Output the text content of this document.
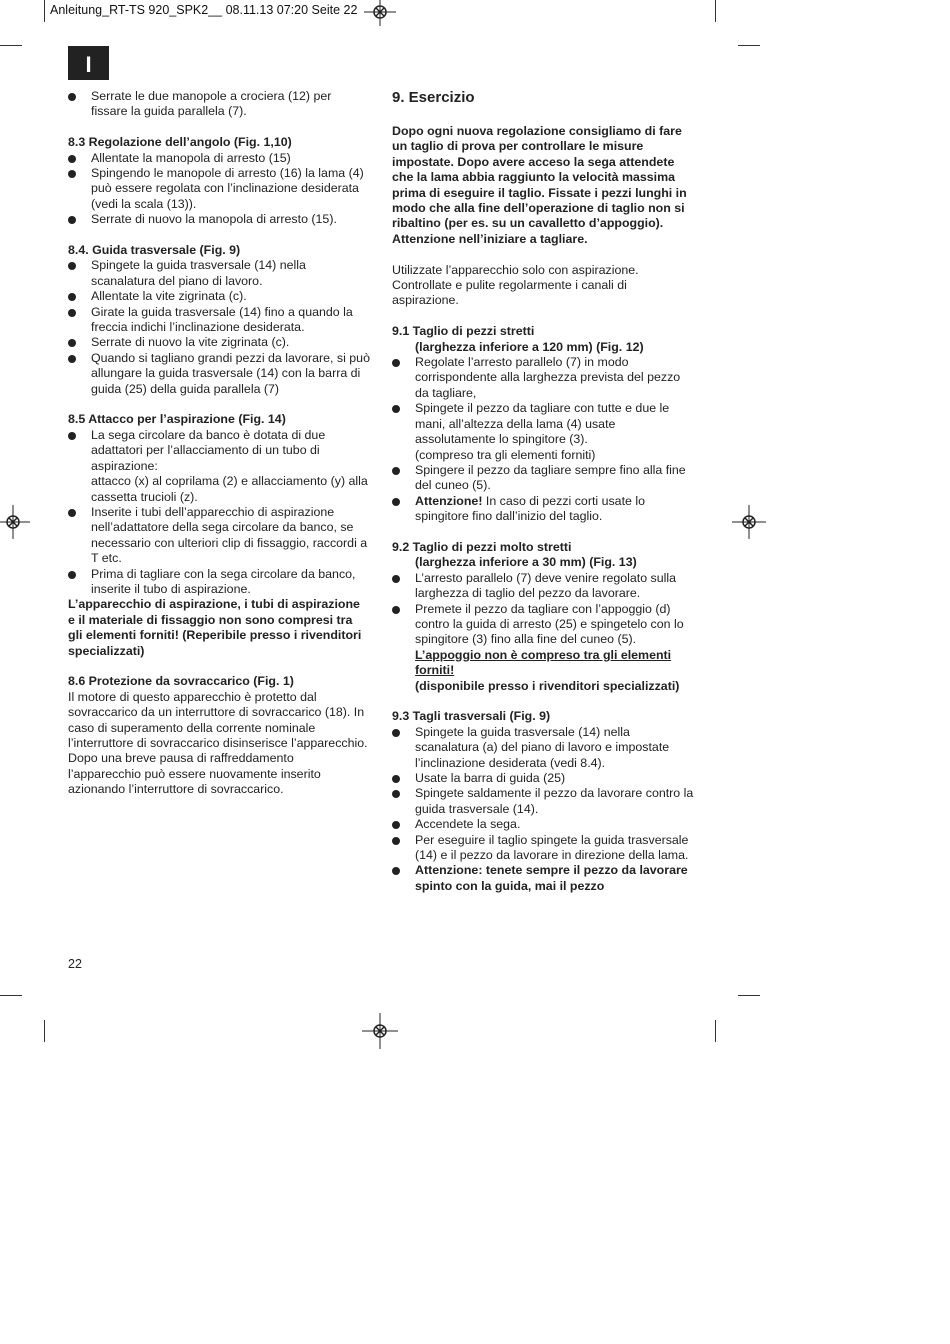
Anleitung_RT-TS 920_SPK2__ 08.11.13 07:20 Seite 22
I

Serrate le due manopole a crociera (12) per fissare la guida parallela (7).

8.3 Regolazione dell’angolo (Fig. 1,10)

Allentate la manopola di arresto (15)

Spingendo le manopole di arresto (16) la lama (4) può essere regolata con l’inclinazione desiderata (vedi la scala (13)).

Serrate di nuovo la manopola di arresto (15).

8.4. Guida trasversale (Fig. 9)

Spingete la guida trasversale (14) nella scanalatura del piano di lavoro.

Allentate la vite zigrinata (c).

Girate la guida trasversale (14) fino a quando la freccia indichi l’inclinazione desiderata.

Serrate di nuovo la vite zigrinata (c).

Quando si tagliano grandi pezzi da lavorare, si può allungare la guida trasversale (14) con la barra di guida (25) della guida parallela (7)

8.5 Attacco per l’aspirazione (Fig. 14)

La sega circolare da banco è dotata di due adattatori per l’allacciamento di un tubo di aspirazione:

attacco (x) al coprilama (2) e allacciamento (y) alla cassetta trucioli (z).

Inserite i tubi dell’apparecchio di aspirazione nell’adattatore della sega circolare da banco, se necessario con ulteriori clip di fissaggio, raccordi a T etc.

Prima di tagliare con la sega circolare da banco, inserite il tubo di aspirazione.

L’apparecchio di aspirazione, i tubi di aspirazione e il materiale di fissaggio non sono compresi tra gli elementi forniti! (Reperibile presso i rivenditori specializzati)

8.6 Protezione da sovraccarico (Fig. 1)

Il motore di questo apparecchio è protetto dal sovraccarico da un interruttore di sovraccarico (18). In caso di superamento della corrente nominale l’interruttore di sovraccarico disinserisce l’apparecchio. Dopo una breve pausa di raffreddamento l’apparecchio può essere nuovamente inserito azionando l’interruttore di sovraccarico.

9. Esercizio

Dopo ogni nuova regolazione consigliamo di fare un taglio di prova per controllare le misure impostate. Dopo avere acceso la sega attendete che la lama abbia raggiunto la velocità massima prima di eseguire il taglio. Fissate i pezzi lunghi in modo che alla fine dell’operazione di taglio non si ribaltino (per es. su un cavalletto d’appoggio). Attenzione nell’iniziare a tagliare.

Utilizzate l’apparecchio solo con aspirazione. Controllate e pulite regolarmente i canali di aspirazione.

9.1 Taglio di pezzi stretti

(larghezza inferiore a 120 mm) (Fig. 12)

Regolate l’arresto parallelo (7) in modo corrispondente alla larghezza prevista del pezzo da tagliare,

Spingete il pezzo da tagliare con tutte e due le mani, all’altezza della lama (4) usate assolutamente lo spingitore (3).

(compreso tra gli elementi forniti)

Spingere il pezzo da tagliare sempre fino alla fine del cuneo (5).

Attenzione! In caso di pezzi corti usate lo spingitore fino dall’inizio del taglio.

9.2 Taglio di pezzi molto stretti

(larghezza inferiore a 30 mm) (Fig. 13)

L’arresto parallelo (7) deve venire regolato sulla larghezza di taglio del pezzo da lavorare.

Premete il pezzo da tagliare con l’appoggio (d) contro la guida di arresto (25) e spingetelo con lo spingitore (3) fino alla fine del cuneo (5).

L’appoggio non è compreso tra gli elementi forniti!

(disponibile presso i rivenditori specializzati)

9.3 Tagli trasversali (Fig. 9)

Spingete la guida trasversale (14) nella scanalatura (a) del piano di lavoro e impostate l’inclinazione desiderata (vedi 8.4).

Usate la barra di guida (25)

Spingete saldamente il pezzo da lavorare contro la guida trasversale (14).

Accendete la sega.

Per eseguire il taglio spingete la guida trasversale (14) e il pezzo da lavorare in direzione della lama.

Attenzione: tenete sempre il pezzo da lavorare spinto con la guida, mai il pezzo

22
